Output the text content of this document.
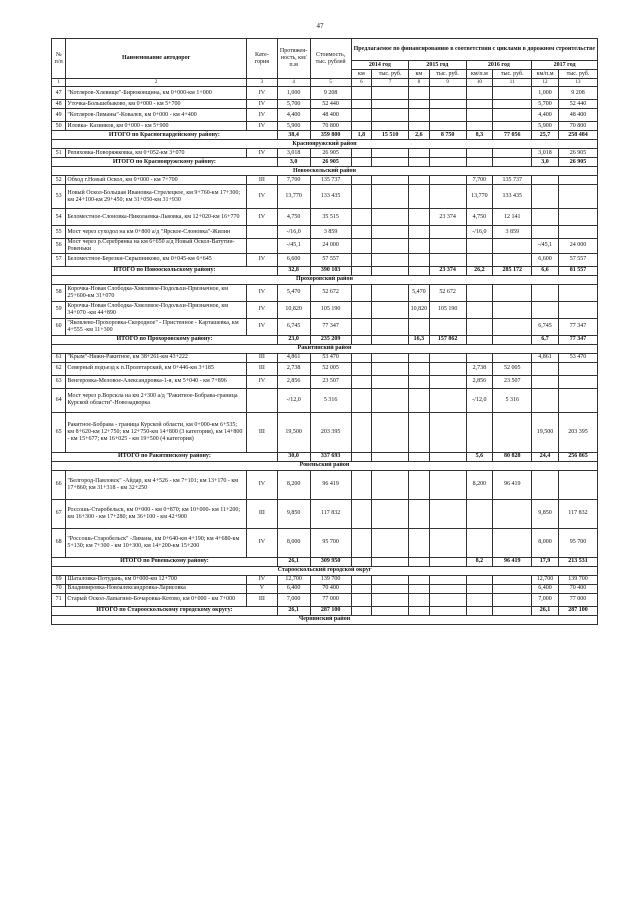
47
№ п/п	Наименование автодорог	Кате-гория	Протяжен-ность, км/п.м	Стоимость, тыс. рублей	Предлагаемое по финансированию в соответствии с циклами в дорожном строительстве							
					2014 год		2015 год		2016 год		2017 год	
					км	тыс. руб.	км	тыс. руб.	км/п.м	тыс. руб.	км/п.м	тыс. руб.
1	2	3	4	5	6	7	8	9	10	11	12	13
47	"Котляров-Хлевище"-Бирюковщина, км 0+000-км 1+000	IV	1,000	9 208							1,000	9 208
48	Уточка-Большебыково, км 0+000 - км 5+700	IV	5,700	52 440							5,700	52 440
49	"Котляров-Лиманы"-Ковалев, км 0+000 - км 4+400	IV	4,400	48 400							4,400	48 400
50	Иловка- Казинков, км 0+000 - км 5+900	IV	5,900	70 800							5,900	70 800
ИТОГО по Красногвардейскому району:			38,4	359 800	1,8	15 510	2,6	8 750	8,3	77 056	25,7	258 484
Краснояружский район												
51	Репяховка-Новоряжковка, км 0+052-км 3+070	IV	3,018	26 905							3,018	26 905
ИТОГО по Краснояружскому району:			3,0	26 905							3,0	26 905
Новооскольский район												
52	Обход г.Новый Оскол, км 0+000 - км 7+700	III	7,700	135 737					7,700	135 737		
53	Новый Оскол-Большая Ивановка-Стрелецкое, км 9+760-км 17+300; км 24+100-км 29+450; км 31+050-км 31+930	IV	13,770	133 435					13,770	133 435		
54	Беломестное-Слоновка-Николаевка-Львовка, км 12+020-км 16+770	IV	4,750	35 515				23 374	4,750	12 141		
55	Мост через суходол на км 0+800 а/д "Ярское-Слоновка"-Жилин		-/16,0	3 859					-/16,0	3 859		
56	Мост через р.Серебрянка на км 6+650 а/д Новый Оскол-Ватутин-Ровеньки		-/45,1	24 000							-/45,1	24 000
57	Беломестное-Березки-Скрыпниково, км 0+045-км 6+645	IV	6,600	57 557							6,600	57 557
ИТОГО по Новооскольскому району:			32,8	390 103				23 374	26,2	285 172	6,6	81 557
Прохоровский район												
58	Корочка-Новая Слободка-Хмелевое-Подольхи-Призначное, км 25+600-км 31+070	IV	5,470	52 672			5,470	52 672				
59	Корочка-Новая Слободка-Хмелевое-Подольхи-Призначное, км 34+070 -км 44+890	IV	10,820	105 190			10,820	105 190				
60	"Яковлево-Прохоровка-Скородное" - Пристенное - Карташевка, км 4+555 -км 11+300	IV	6,745	77 347							6,745	77 347
ИТОГО по Прохоровскому району:			23,0	235 209			16,3	157 862			6,7	77 347
Ракитянский район												
61	"Крым"-Нижн-Ракитное, км 38+261-км 43+222	III	4,861	53 470							4,861	53 470
62	Северный подъезд к п.Пролетарский, км 0+446-км 3+185	III	2,738	52 005					2,738	52 005		
63	Венгеровка-Меловое-Александровка-1-я, км 5+040 - км 7+896	IV	2,856	23 507					2,856	23 507		
64	Мост через р.Ворскла на км 2+300 а/д "Ракитное-Бобрава-граница Курской области"-Новозадворка		-/12,0	5 316					-/12,0	5 316		
65	Ракитное-Бобрава - граница Курской области, км 0+000-км 6+535; км 8+620-км 12+750; км 12+750-км 14+800 (3 категория), км 14+800 - км 15+677; км 16+025 - км 19+500 (4 категория)	III	19,500	203 395							19,500	203 395
ИТОГО по Ракитянскому району:			30,0	337 693					5,6	80 828	24,4	256 865
Ровеньский район												
66	"Белгород-Павловск" -Айдар, км 4+526 - км 7+101; км 13+170 - км 17+860; км 31+318 - км 32+250	IV	8,200	96 419					8,200	96 419		
67	Россошь-Старобельск, км 0+000 - км 0+870; км 10+000- км 11+200; км 16+300 - км 17+280; км 36+100 - км 42+900	III	9,850	117 832							9,850	117 832
68	"Россошь-Старобельск" -Лимана, км 0+640-км 4+190; км 4+680-км 5+130; км 7+300 - км 10+300, км 14+200-км 15+200	IV	8,000	95 700							8,000	95 700
ИТОГО по Ровеньскому району:			26,1	309 950					8,2	96 419	17,9	213 531
Старооскольский городской округ												
69	Шаталовка-Потудань, км 0+000-км 12+700	IV	12,700	139 700							12,700	139 700
70	Владимировка-Новоалександровка-Ларисовка	V	6,400	70 400							6,400	70 400
71	Старый Оскол-Лапыгино-Бочаровка-Котово, км 0+000 - км 7+000	III	7,000	77 000							7,000	77 000
ИТОГО по Старооскольскому городскому округу:			26,1	287 100							26,1	287 100
Чернянский район												
